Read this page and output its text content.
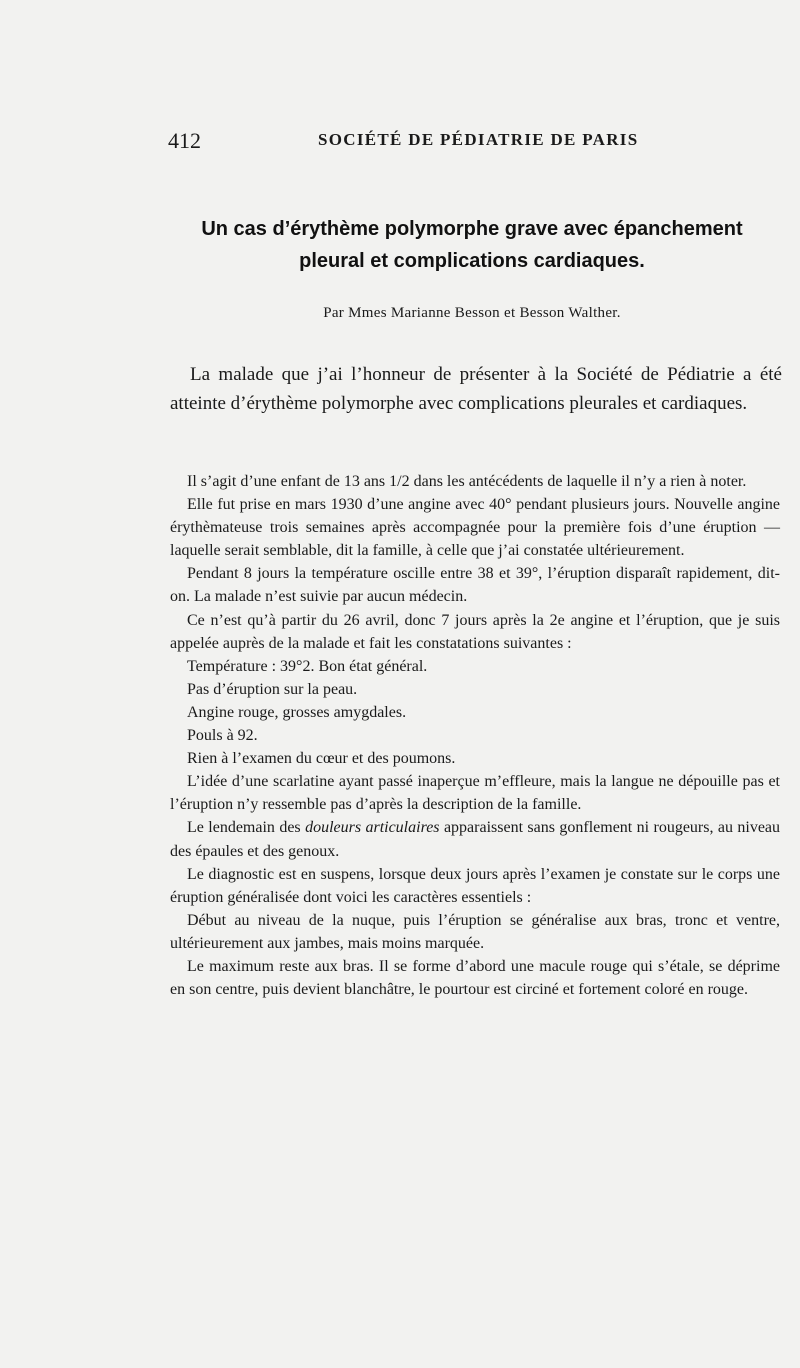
412	SOCIÉTÉ DE PÉDIATRIE DE PARIS
Un cas d’érythème polymorphe grave avec épanchement pleural et complications cardiaques.
Par Mmes Marianne Besson et Besson Walther.

La malade que j’ai l’honneur de présenter à la Société de Pédiatrie a été atteinte d’érythème polymorphe avec complications pleurales et cardiaques.

Il s’agit d’une enfant de 13 ans 1/2 dans les antécédents de laquelle il n’y a rien à noter.

Elle fut prise en mars 1930 d’une angine avec 40° pendant plusieurs jours. Nouvelle angine érythèmateuse trois semaines après accompagnée pour la première fois d’une éruption — laquelle serait semblable, dit la famille, à celle que j’ai constatée ultérieurement.

Pendant 8 jours la température oscille entre 38 et 39°, l’éruption disparaît rapidement, dit-on. La malade n’est suivie par aucun médecin.

Ce n’est qu’à partir du 26 avril, donc 7 jours après la 2e angine et l’éruption, que je suis appelée auprès de la malade et fait les constatations suivantes :

Température : 39°2. Bon état général.

Pas d’éruption sur la peau.

Angine rouge, grosses amygdales.

Pouls à 92.

Rien à l’examen du cœur et des poumons.

L’idée d’une scarlatine ayant passé inaperçue m’effleure, mais la langue ne dépouille pas et l’éruption n’y ressemble pas d’après la description de la famille.

Le lendemain des douleurs articulaires apparaissent sans gonflement ni rougeurs, au niveau des épaules et des genoux.

Le diagnostic est en suspens, lorsque deux jours après l’examen je constate sur le corps une éruption généralisée dont voici les caractères essentiels :

Début au niveau de la nuque, puis l’éruption se généralise aux bras, tronc et ventre, ultérieurement aux jambes, mais moins marquée.

Le maximum reste aux bras. Il se forme d’abord une macule rouge qui s’étale, se déprime en son centre, puis devient blanchâtre, le pourtour est circiné et fortement coloré en rouge.
